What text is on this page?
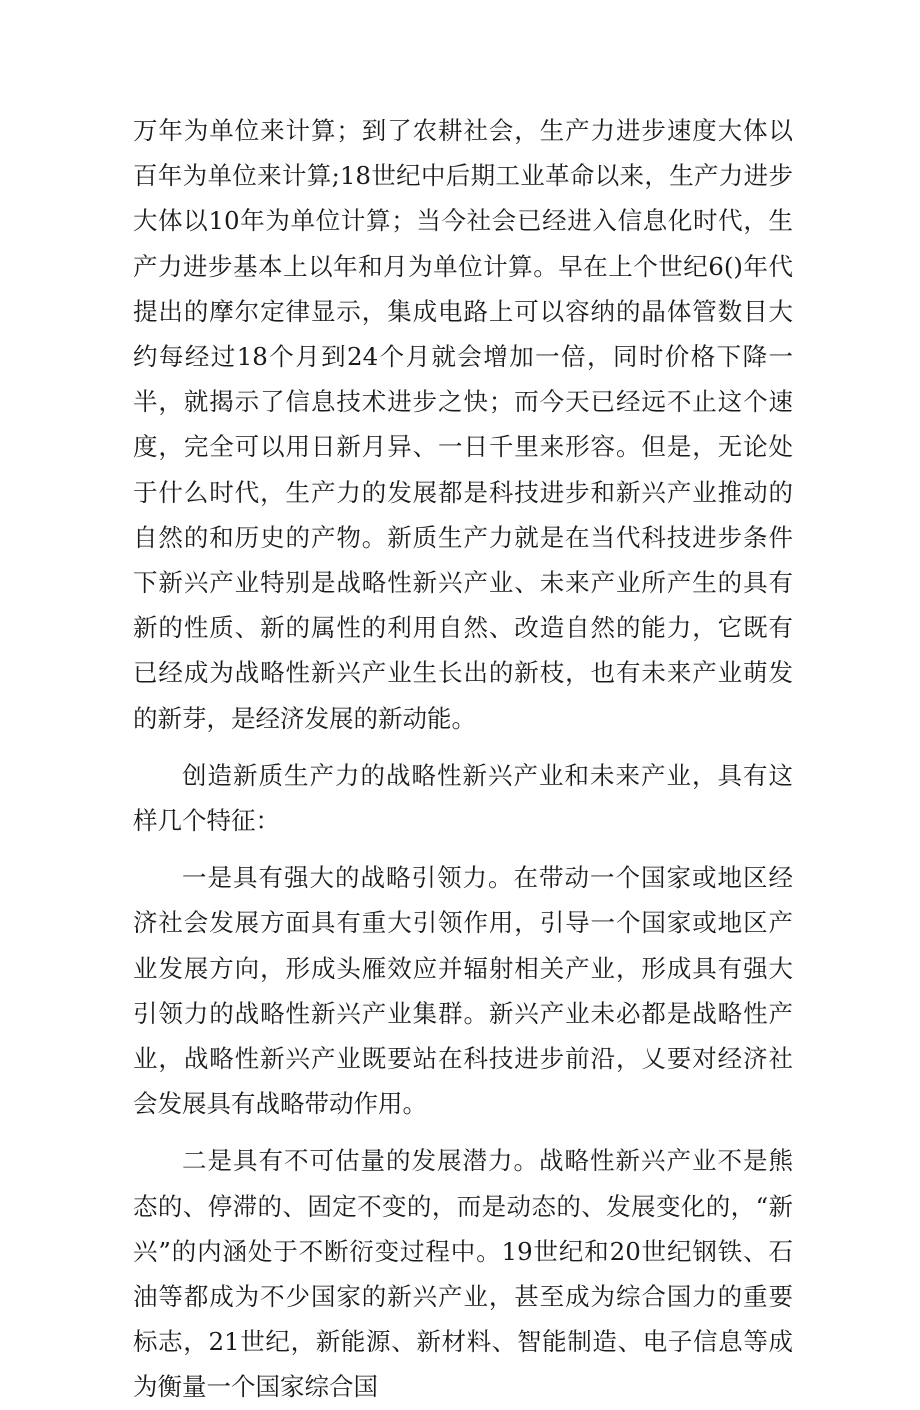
万年为单位来计算；到了农耕社会，生产力进步速度大体以百年为单位来计算;18世纪中后期工业革命以来，生产力进步大体以10年为单位计算；当今社会已经进入信息化时代，生产力进步基本上以年和月为单位计算。早在上个世纪6()年代提出的摩尔定律显示，集成电路上可以容纳的晶体管数目大约每经过18个月到24个月就会增加一倍，同时价格下降一半，就揭示了信息技术进步之快；而今天已经远不止这个速度，完全可以用日新月异、一日千里来形容。但是，无论处于什么时代，生产力的发展都是科技进步和新兴产业推动的自然的和历史的产物。新质生产力就是在当代科技进步条件下新兴产业特别是战略性新兴产业、未来产业所产生的具有新的性质、新的属性的利用自然、改造自然的能力，它既有已经成为战略性新兴产业生长出的新枝，也有未来产业萌发的新芽，是经济发展的新动能。

创造新质生产力的战略性新兴产业和未来产业，具有这样几个特征：

一是具有强大的战略引领力。在带动一个国家或地区经济社会发展方面具有重大引领作用，引导一个国家或地区产业发展方向，形成头雁效应并辐射相关产业，形成具有强大引领力的战略性新兴产业集群。新兴产业未必都是战略性产业，战略性新兴产业既要站在科技进步前沿，乂要对经济社会发展具有战略带动作用。

二是具有不可估量的发展潜力。战略性新兴产业不是熊态的、停滞的、固定不变的，而是动态的、发展变化的，“新兴”的内涵处于不断衍变过程中。19世纪和20世纪钢铁、石油等都成为不少国家的新兴产业，甚至成为综合国力的重要标志，21世纪，新能源、新材料、智能制造、电子信息等成为衡量一个国家综合国
